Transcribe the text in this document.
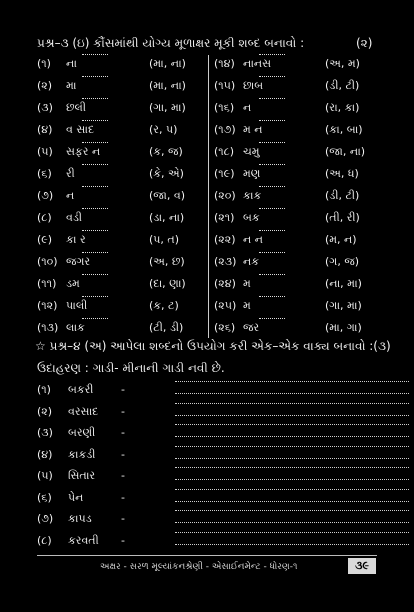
પ્રશ્ર–૩ (ઇ) કૌંસમાંથી યોગ્ય મૂળાક્ષર મૂકી શબ્દ બનાવો :	(૨)
(૧)	ના	(મા, ના)
(૨)	મા	(મા, ના)
(૩)	છલી	(ગા, મા)
(૪)	વ સાદ	(ર, પ)
(૫)	સફર ન	(ક, જ)
(૬)	રી	(કે, એ)
(૭)	ન	(જા, વ)
(૮)	વડી	(ડા, ના)
(૯)	કા ર	(પ, ત)
(૧૦) જગર	(અ, છ)
(૧૧) ડમ	(દા, ણા)
(૧૨) પાલી	(ક, ટ)
(૧૩) લાક	(ટી, ડી)
(૧૪) નાનસ	(અ, મ)
(૧૫) છાબ	(ડી, ટી)
(૧૬) ન	(રા, કા)
(૧૭) મ ન	(કા, બા)
(૧૮) ચમુ	(જા, ના)
(૧૯) મણ	(અ, ધ)
(૨૦) કાક	(ડી, ટી)
(૨૧) બક	(તી, રી)
(૨૨) ન ન	(મ, ન)
(૨૩) નક	(ગ, જ)
(૨૪) મ	(ના, મા)
(૨૫) મ	(ગા, મા)
(૨૬) જર	(મા, ગા)
☆ પ્રશ્ર–૪ (અ) આપેલા શબ્દનો ઉપયોગ કરી એક–એક વાક્ય બનાવો :(૩)
ઉદાહરણ : ગાડી- મીનાની ગાડી નવી છે.
(૧) બકરી	-
(૨) વરસાદ -
(૩) બરણી -
(૪) કાકડી -
(૫) સિતાર -
(૬) પેન	-
(૭) કાપડ	-
(૮) કરવતી -
અક્ષર - સરળ મૂલ્યાંકનશ્રેણી - એસાઈનમેન્ટ - ધોરણ-૧	૩૯
